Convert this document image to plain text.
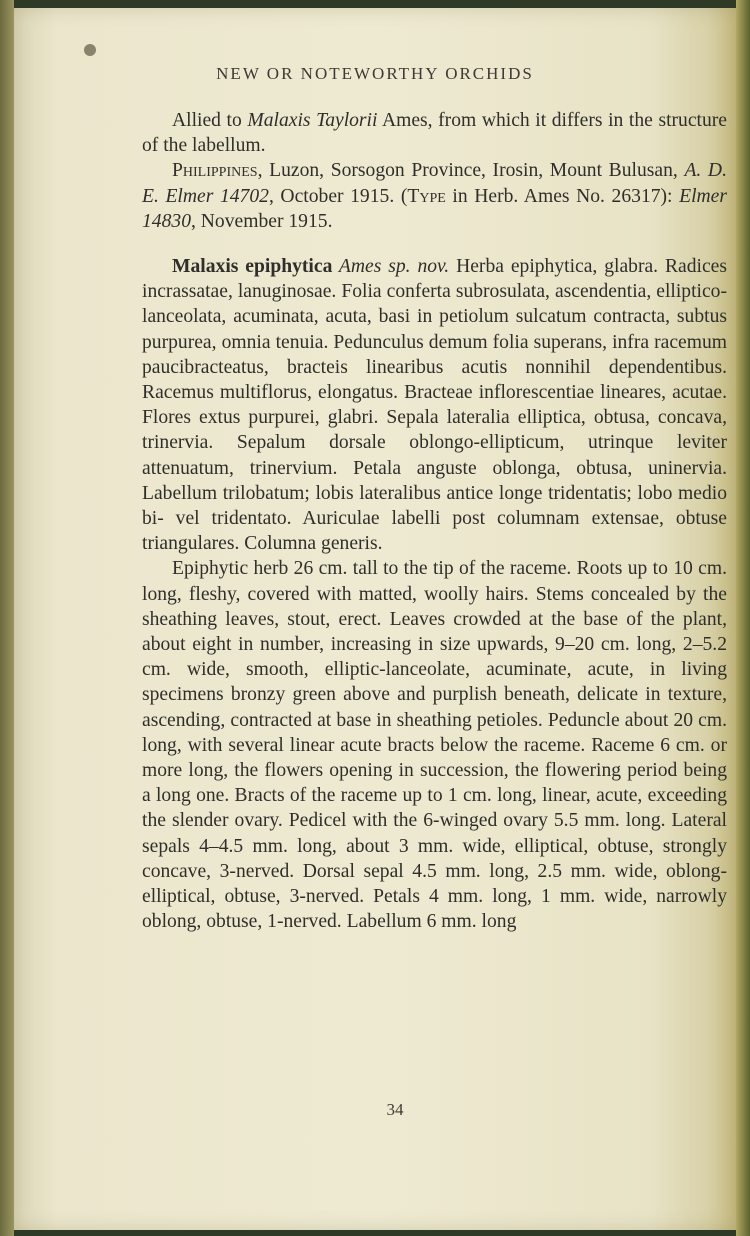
NEW OR NOTEWORTHY ORCHIDS

Allied to Malaxis Taylorii Ames, from which it differs in the structure of the labellum.

Philippines, Luzon, Sorsogon Province, Irosin, Mount Bulusan, A. D. E. Elmer 14702, October 1915. (Type in Herb. Ames No. 26317): Elmer 14830, November 1915.

Malaxis epiphytica Ames sp. nov. Herba epiphytica, glabra. Radices incrassatae, lanuginosae. Folia conferta subrosulata, ascendentia, elliptico-lanceolata, acuminata, acuta, basi in petiolum sulcatum contracta, subtus purpurea, omnia tenuia. Pedunculus demum folia superans, infra racemum paucibracteatus, bracteis linearibus acutis nonnihil dependentibus. Racemus multiflorus, elongatus. Bracteae inflorescentiae lineares, acutae. Flores extus purpurei, glabri. Sepala lateralia elliptica, obtusa, concava, trinervia. Sepalum dorsale oblongo-ellipticum, utrinque leviter attenuatum, trinervium. Petala anguste oblonga, obtusa, uninervia. Labellum trilobatum; lobis lateralibus antice longe tridentatis; lobo medio bi- vel tridentato. Auriculae labelli post columnam extensae, obtuse triangulares. Columna generis.

Epiphytic herb 26 cm. tall to the tip of the raceme. Roots up to 10 cm. long, fleshy, covered with matted, woolly hairs. Stems concealed by the sheathing leaves, stout, erect. Leaves crowded at the base of the plant, about eight in number, increasing in size upwards, 9–20 cm. long, 2–5.2 cm. wide, smooth, elliptic-lanceolate, acuminate, acute, in living specimens bronzy green above and purplish beneath, delicate in texture, ascending, contracted at base in sheathing petioles. Peduncle about 20 cm. long, with several linear acute bracts below the raceme. Raceme 6 cm. or more long, the flowers opening in succession, the flowering period being a long one. Bracts of the raceme up to 1 cm. long, linear, acute, exceeding the slender ovary. Pedicel with the 6-winged ovary 5.5 mm. long. Lateral sepals 4–4.5 mm. long, about 3 mm. wide, elliptical, obtuse, strongly concave, 3-nerved. Dorsal sepal 4.5 mm. long, 2.5 mm. wide, oblong-elliptical, obtuse, 3-nerved. Petals 4 mm. long, 1 mm. wide, narrowly oblong, obtuse, 1-nerved. Labellum 6 mm. long

34
